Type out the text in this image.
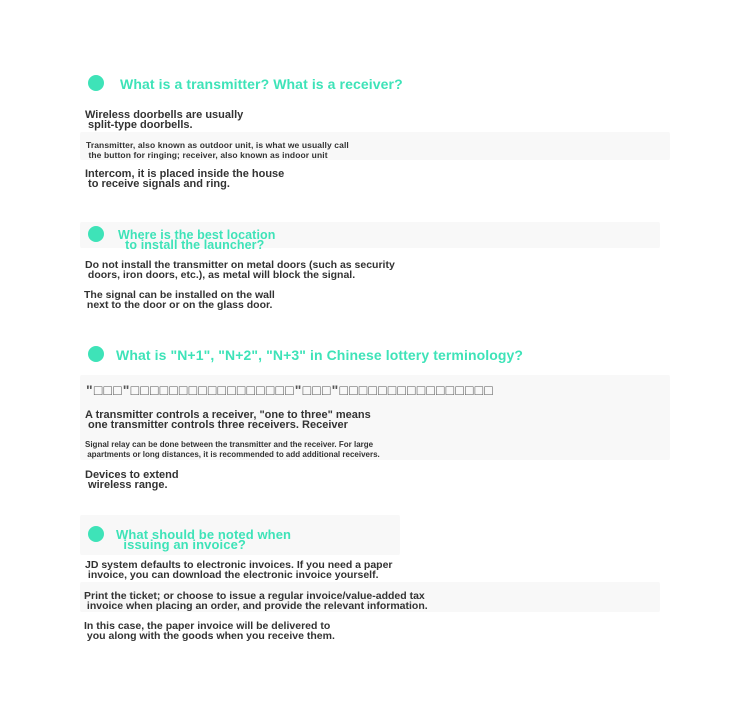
What is a transmitter? What is a receiver?
Wireless doorbells are usually
split-type doorbells.
Transmitter, also known as outdoor unit, is what we usually call
the button for ringing; receiver, also known as indoor unit
Intercom, it is placed inside the house
to receive signals and ring.
Where is the best location
to install the launcher?
Do not install the transmitter on metal doors (such as security
doors, iron doors, etc.), as metal will block the signal.
The signal can be installed on the wall
next to the door or on the glass door.
What is "N+1", "N+2", "N+3" in Chinese lottery terminology?
"□□□"□□□□□□□□□□□□□□□□□"□□□"□□□□□□□□□□□□□□□□
A transmitter controls a receiver, "one to three" means
one transmitter controls three receivers. Receiver
Signal relay can be done between the transmitter and the receiver. For large
apartments or long distances, it is recommended to add additional receivers.
Devices to extend
wireless range.
What should be noted when
issuing an invoice?
JD system defaults to electronic invoices. If you need a paper
invoice, you can download the electronic invoice yourself.
Print the ticket; or choose to issue a regular invoice/value-added tax
invoice when placing an order, and provide the relevant information.
In this case, the paper invoice will be delivered to
you along with the goods when you receive them.
